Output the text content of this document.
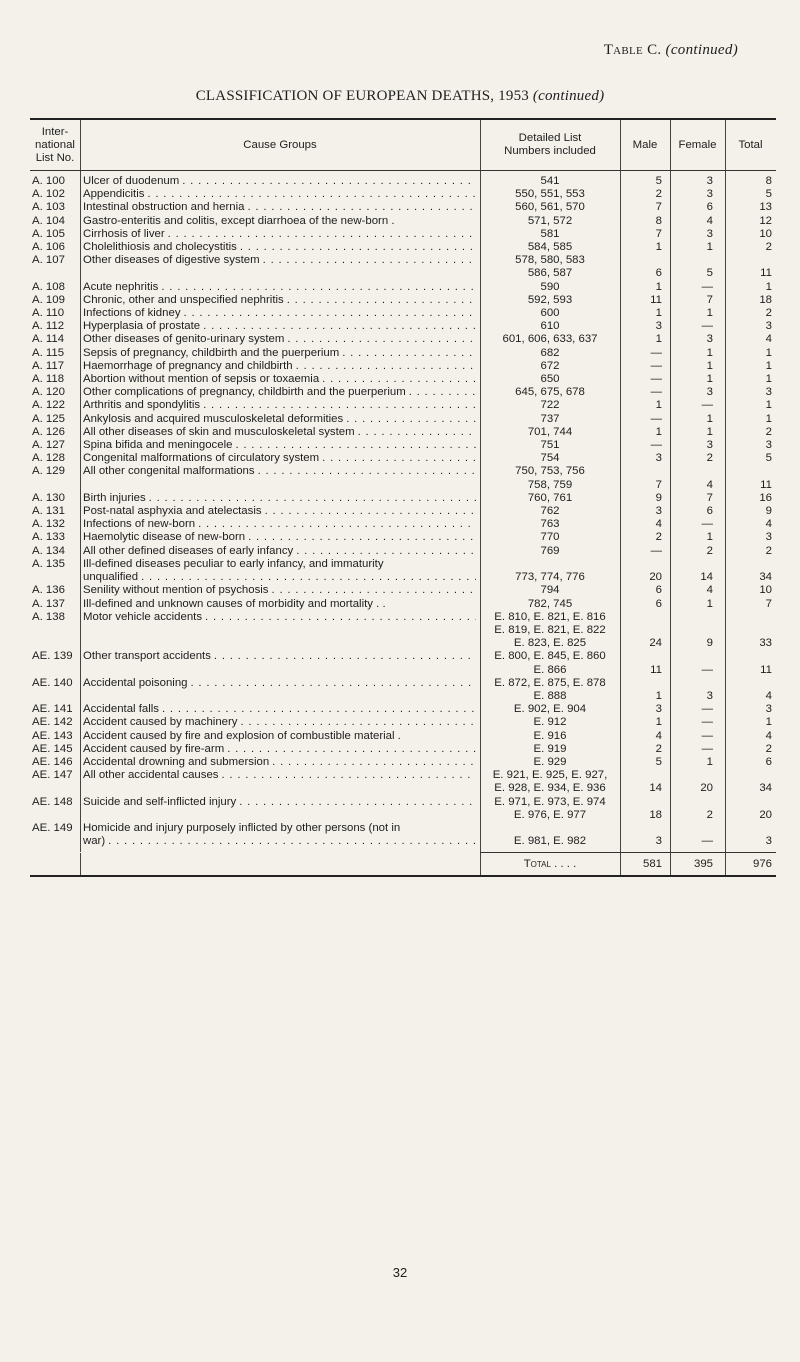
Table C. (continued)
CLASSIFICATION OF EUROPEAN DEATHS, 1953 (continued)
Inter-
national
List No.
Cause Groups
Detailed List
Numbers included
Male	Female	Total
A. 100	Ulcer of duodenum . . .	541	5	3	8
A. 102	Appendicitis . . .	550, 551, 553	2	3	5
A. 103	Intestinal obstruction and hernia . . .	560, 561, 570	7	6	13
A. 104	Gastro-enteritis and colitis, except diarrhoea of the new-born .	571, 572	8	4	12
A. 105	Cirrhosis of liver . . .	581	7	3	10
A. 106	Cholelithiosis and cholecystitis . . .	584, 585	1	1	2
A. 107	Other diseases of digestive system . . .	578, 580, 583
586, 587	6	5	11
A. 108	Acute nephritis . . .	590	1	—	1
A. 109	Chronic, other and unspecified nephritis . . .	592, 593	11	7	18
A. 110	Infections of kidney . . .	600	1	1	2
A. 112	Hyperplasia of prostate . . .	610	3	—	3
A. 114	Other diseases of genito-urinary system . . .	601, 606, 633, 637	1	3	4
A. 115	Sepsis of pregnancy, childbirth and the puerperium . . .	682	—	1	1
A. 117	Haemorrhage of pregnancy and childbirth . . .	672	—	1	1
A. 118	Abortion without mention of sepsis or toxaemia . . .	650	—	1	1
A. 120	Other complications of pregnancy, childbirth and the puerperium . . .	645, 675, 678	—	3	3
A. 122	Arthritis and spondylitis . . .	722	1	—	1
A. 125	Ankylosis and acquired musculoskeletal deformities . . .	737	—	1	1
A. 126	All other diseases of skin and musculoskeletal system . . .	701, 744	1	1	2
A. 127	Spina bifida and meningocele . . .	751	—	3	3
A. 128	Congenital malformations of circulatory system . . .	754	3	2	5
A. 129	All other congenital malformations . . .	750, 753, 756
758, 759	7	4	11
A. 130	Birth injuries . . .	760, 761	9	7	16
A. 131	Post-natal asphyxia and atelectasis . . .	762	3	6	9
A. 132	Infections of new-born . . .	763	4	—	4
A. 133	Haemolytic disease of new-born . . .	770	2	1	3
A. 134	All other defined diseases of early infancy . . .	769	—	2	2
A. 135	Ill-defined diseases peculiar to early infancy, and immaturity
unqualified . . .	773, 774, 776	20	14	34
A. 136	Senility without mention of psychosis . . .	794	6	4	10
A. 137	Ill-defined and unknown causes of morbidity and mortality . .	782, 745	6	1	7
A. 138	Motor vehicle accidents . . .	E. 810, E. 821, E. 816
E. 819, E. 821, E. 822
E. 823, E. 825	24	9	33
AE. 139 Other transport accidents . . .	E. 800, E. 845, E. 860
E. 866	11	—	11
AE. 140 Accidental poisoning . . .	E. 872, E. 875, E. 878
E. 888	1	3	4
AE. 141 Accidental falls . . .	E. 902, E. 904	3	—	3
AE. 142 Accident caused by machinery . . .	E. 912	1	—	1
AE. 143 Accident caused by fire and explosion of combustible material .	E. 916	4	—	4
AE. 145 Accident caused by fire-arm . . .	E. 919	2	—	2
AE. 146 Accidental drowning and submersion . . .	E. 929	5	1	6
AE. 147 All other accidental causes . . .	E. 921, E. 925, E. 927,
E. 928, E. 934, E. 936	14	20	34
AE. 148 Suicide and self-inflicted injury . . .	E. 971, E. 973, E. 974
E. 976, E. 977	18	2	20
AE. 149 Homicide and injury purposely inflicted by other persons (not in
war) . . .	E. 981, E. 982	3	—	3
Total . . . .	581	395	976
32
